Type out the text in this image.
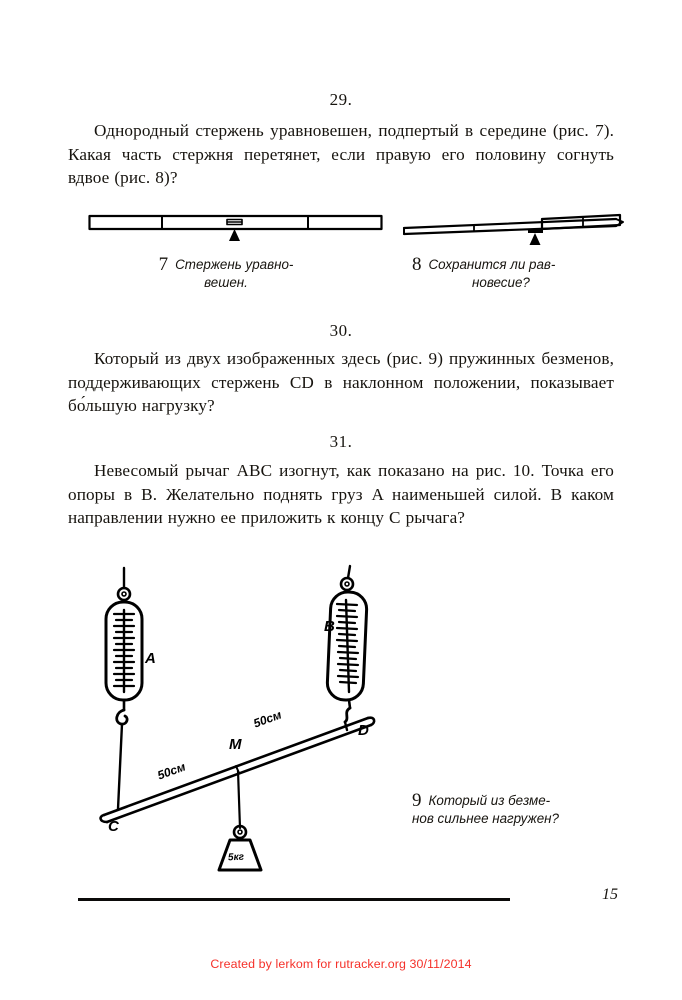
29.
Однородный стержень уравновешен, подпертый в середине (рис. 7). Какая часть стержня перетянет, если правую его половину согнуть вдвое (рис. 8)?
7 Стержень уравно-
вешен.
8 Сохранится ли рав-
новесие?
30.
Который из двух изображенных здесь (рис. 9) пружинных безменов, поддерживающих стержень CD в наклонном положении, показывает бо́льшую нагрузку?
31.
Невесомый рычаг ABC изогнут, как показано на рис. 10. Точка его опоры в B. Желательно поднять груз A наименьшей силой. В каком направлении нужно ее приложить к концу C рычага?
A
B
C
D
M
50см
50см
5кг
9 Который из безме-
нов сильнее нагружен?
15
Created by lerkom for rutracker.org 30/11/2014
